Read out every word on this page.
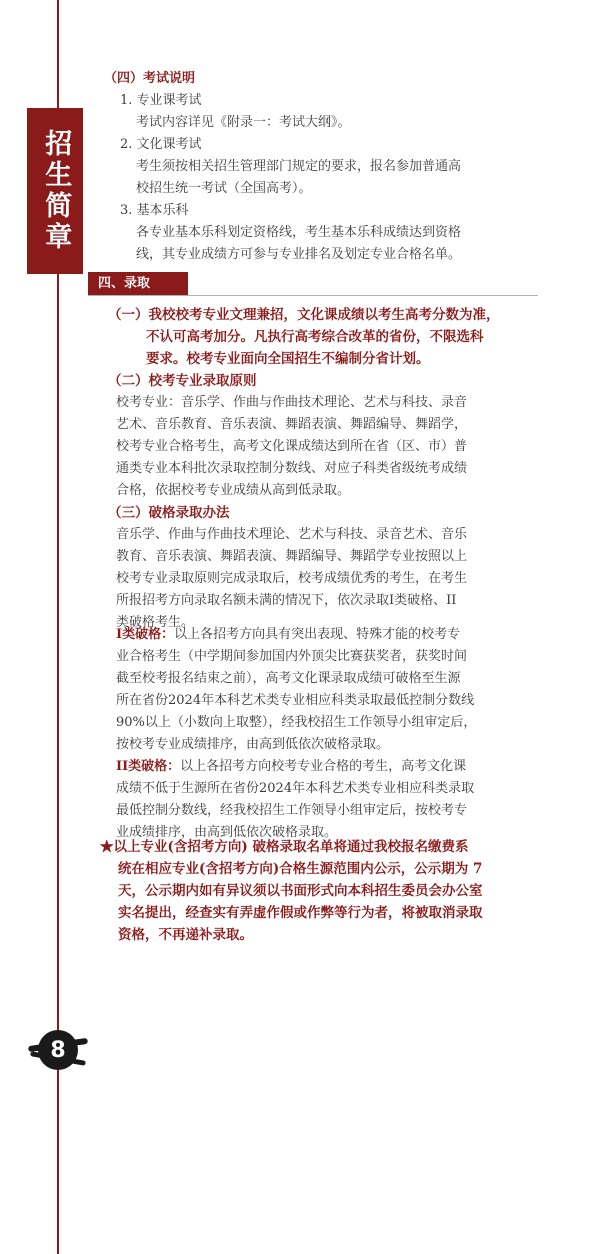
招生简章

（四）考试说明

1. 专业课考试

考试内容详见《附录一：考试大纲》。

2. 文化课考试

考生须按相关招生管理部门规定的要求，报名参加普通高

校招生统一考试（全国高考）。

3. 基本乐科

各专业基本乐科划定资格线，考生基本乐科成绩达到资格

线，其专业成绩方可参与专业排名及划定专业合格名单。

四、录取

（一）我校校考专业文理兼招，文化课成绩以考生高考分数为准，

不认可高考加分。凡执行高考综合改革的省份，不限选科

要求。校考专业面向全国招生不编制分省计划。

（二）校考专业录取原则

校考专业：音乐学、作曲与作曲技术理论、艺术与科技、录音

艺术、音乐教育、音乐表演、舞蹈表演、舞蹈编导、舞蹈学，

校考专业合格考生，高考文化课成绩达到所在省（区、市）普

通类专业本科批次录取控制分数线、对应子科类省级统考成绩

合格，依据校考专业成绩从高到低录取。

（三）破格录取办法

音乐学、作曲与作曲技术理论、艺术与科技、录音艺术、音乐

教育、音乐表演、舞蹈表演、舞蹈编导、舞蹈学专业按照以上

校考专业录取原则完成录取后，校考成绩优秀的考生，在考生

所报招考方向录取名额未满的情况下，依次录取I类破格、II

类破格考生。

I类破格：以上各招考方向具有突出表现、特殊才能的校考专

业合格考生（中学期间参加国内外顶尖比赛获奖者，获奖时间

截至校考报名结束之前），高考文化课录取成绩可破格至生源

所在省份2024年本科艺术类专业相应科类录取最低控制分数线

90%以上（小数向上取整），经我校招生工作领导小组审定后，

按校考专业成绩排序，由高到低依次破格录取。

II类破格：以上各招考方向校考专业合格的考生，高考文化课

成绩不低于生源所在省份2024年本科艺术类专业相应科类录取

最低控制分数线，经我校招生工作领导小组审定后，按校考专

业成绩排序，由高到低依次破格录取。

★以上专业(含招考方向) 破格录取名单将通过我校报名缴费系

统在相应专业(含招考方向)合格生源范围内公示，公示期为 7

天，公示期内如有异议须以书面形式向本科招生委员会办公室

实名提出，经查实有弄虚作假或作弊等行为者，将被取消录取

资格，不再递补录取。

8
